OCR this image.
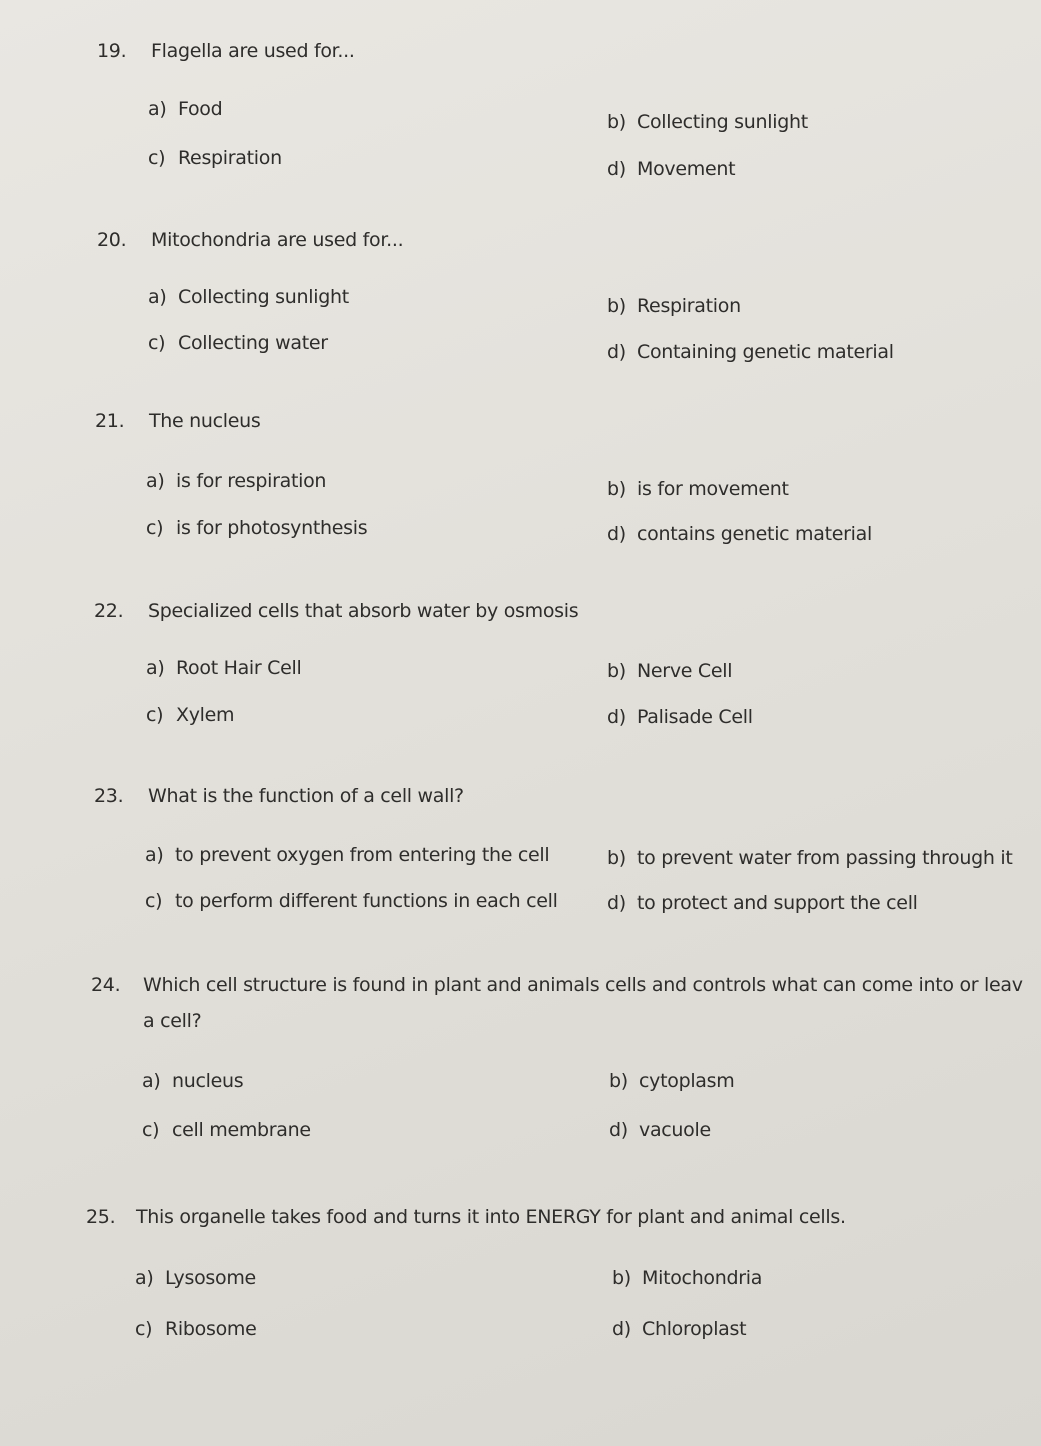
19. Flagella are used for...
a) Food
b) Collecting sunlight
c) Respiration	d) Movement
20. Mitochondria are used for...
a) Collecting sunlight	b) Respiration
c) Collecting water	d) Containing genetic material
21. The nucleus
a) is for respiration	b) is for movement
c) is for photosynthesis	d) contains genetic material
22. Specialized cells that absorb water by osmosis
a) Root Hair Cell	b) Nerve Cell
c) Xylem	d) Palisade Cell
23. What is the function of a cell wall?
a) to prevent oxygen from entering the cell	b) to prevent water from passing through it
c) to perform different functions in each cell	d) to protect and support the cell
24. Which cell structure is found in plant and animals cells and controls what can come into or leav
a cell?
a) nucleus	b) cytoplasm
c) cell membrane	d) vacuole
25. This organelle takes food and turns it into ENERGY for plant and animal cells.
a) Lysosome	b) Mitochondria
c) Ribosome	d) Chloroplast
